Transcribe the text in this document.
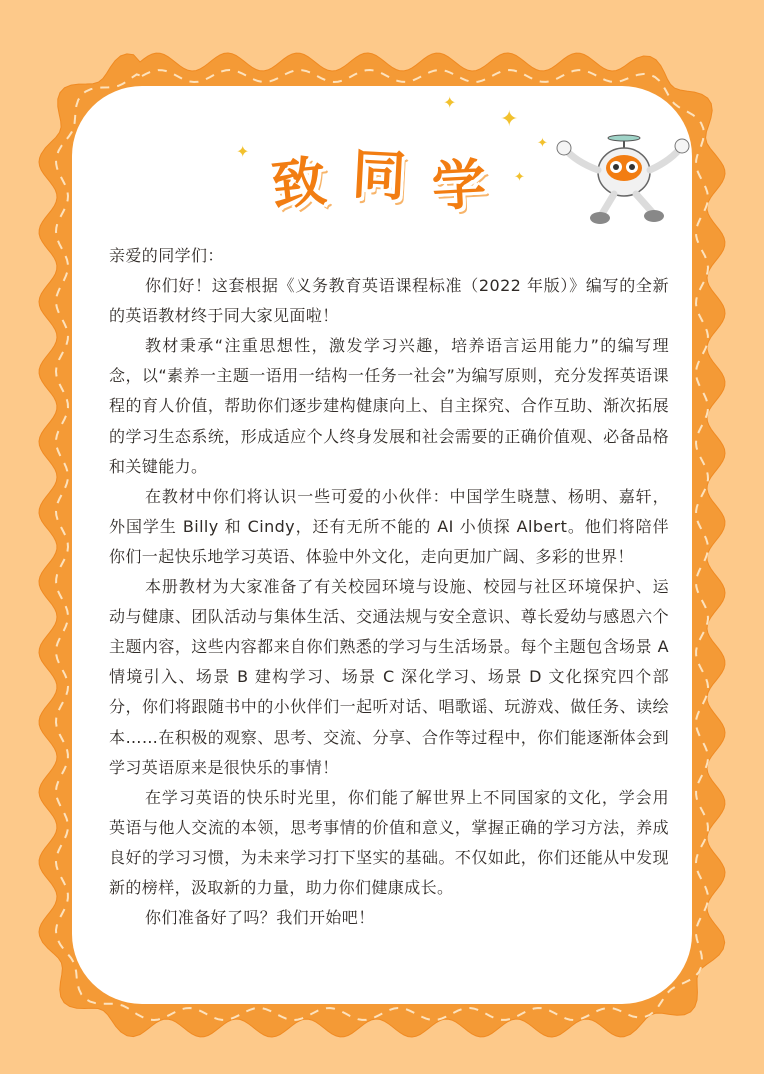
✦
✦
✦
✦
✦
致 同 学

亲爱的同学们：

你们好！这套根据《义务教育英语课程标准（2022 年版）》编写的全新的英语教材终于同大家见面啦！

教材秉承“注重思想性，激发学习兴趣，培养语言运用能力”的编写理念，以“素养一主题一语用一结构一任务一社会”为编写原则，充分发挥英语课程的育人价值，帮助你们逐步建构健康向上、自主探究、合作互助、渐次拓展的学习生态系统，形成适应个人终身发展和社会需要的正确价值观、必备品格和关键能力。

在教材中你们将认识一些可爱的小伙伴：中国学生晓慧、杨明、嘉轩，外国学生 Billy 和 Cindy，还有无所不能的 AI 小侦探 Albert。他们将陪伴你们一起快乐地学习英语、体验中外文化，走向更加广阔、多彩的世界！

本册教材为大家准备了有关校园环境与设施、校园与社区环境保护、运动与健康、团队活动与集体生活、交通法规与安全意识、尊长爱幼与感恩六个主题内容，这些内容都来自你们熟悉的学习与生活场景。每个主题包含场景 A 情境引入、场景 B 建构学习、场景 C 深化学习、场景 D 文化探究四个部分，你们将跟随书中的小伙伴们一起听对话、唱歌谣、玩游戏、做任务、读绘本……在积极的观察、思考、交流、分享、合作等过程中，你们能逐渐体会到学习英语原来是很快乐的事情！

在学习英语的快乐时光里，你们能了解世界上不同国家的文化，学会用英语与他人交流的本领，思考事情的价值和意义，掌握正确的学习方法，养成良好的学习习惯，为未来学习打下坚实的基础。不仅如此，你们还能从中发现新的榜样，汲取新的力量，助力你们健康成长。

你们准备好了吗？我们开始吧！
